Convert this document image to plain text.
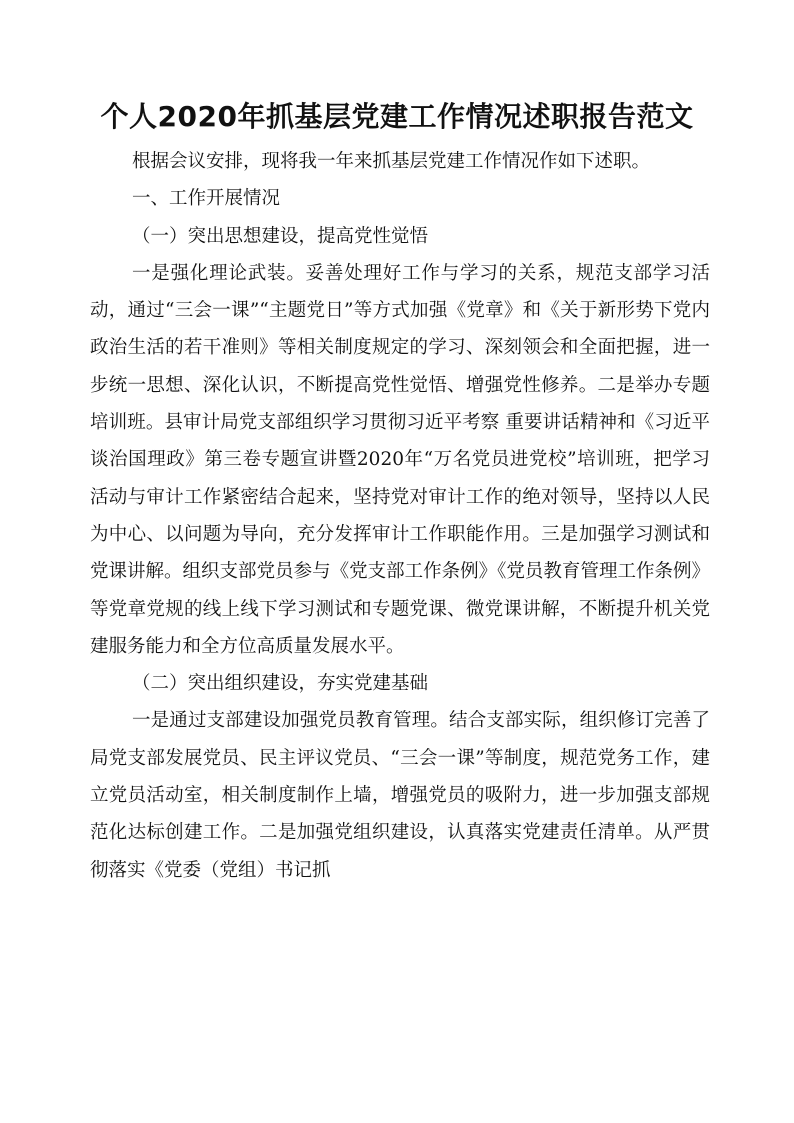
个人2020年抓基层党建工作情况述职报告范文

根据会议安排，现将我一年来抓基层党建工作情况作如下述职。

一、工作开展情况

（一）突出思想建设，提高党性觉悟

一是强化理论武装。妥善处理好工作与学习的关系，规范支部学习活动，通过“三会一课”“主题党日”等方式加强《党章》和《关于新形势下党内政治生活的若干准则》等相关制度规定的学习、深刻领会和全面把握，进一步统一思想、深化认识，不断提高党性觉悟、增强党性修养。二是举办专题培训班。县审计局党支部组织学习贯彻习近平考察 重要讲话精神和《习近平谈治国理政》第三卷专题宣讲暨2020年“万名党员进党校”培训班，把学习活动与审计工作紧密结合起来，坚持党对审计工作的绝对领导，坚持以人民为中心、以问题为导向，充分发挥审计工作职能作用。三是加强学习测试和党课讲解。组织支部党员参与《党支部工作条例》《党员教育管理工作条例》等党章党规的线上线下学习测试和专题党课、微党课讲解，不断提升机关党建服务能力和全方位高质量发展水平。

（二）突出组织建设，夯实党建基础

一是通过支部建设加强党员教育管理。结合支部实际，组织修订完善了局党支部发展党员、民主评议党员、“三会一课”等制度，规范党务工作，建立党员活动室，相关制度制作上墙，增强党员的吸附力，进一步加强支部规范化达标创建工作。二是加强党组织建设，认真落实党建责任清单。从严贯彻落实《党委（党组）书记抓
